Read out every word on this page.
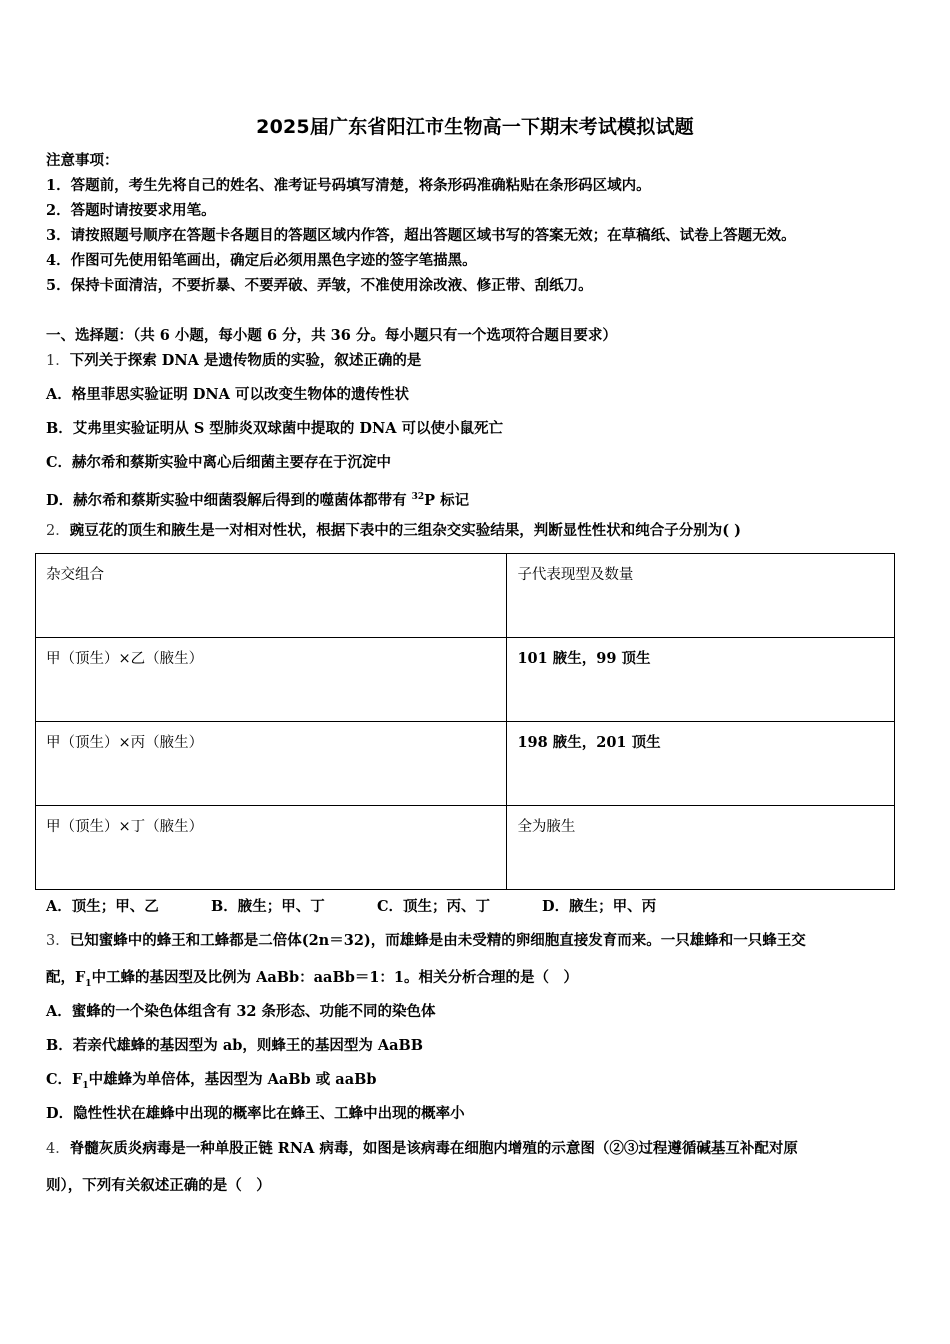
2025届广东省阳江市生物高一下期末考试模拟试题
注意事项：
1．答题前，考生先将自己的姓名、准考证号码填写清楚，将条形码准确粘贴在条形码区域内。
2．答题时请按要求用笔。
3．请按照题号顺序在答题卡各题目的答题区域内作答，超出答题区域书写的答案无效；在草稿纸、试卷上答题无效。
4．作图可先使用铅笔画出，确定后必须用黑色字迹的签字笔描黑。
5．保持卡面清洁，不要折暴、不要弄破、弄皱，不准使用涂改液、修正带、刮纸刀。
一、选择题：（共 6 小题，每小题 6 分，共 36 分。每小题只有一个选项符合题目要求）
1．下列关于探索 DNA 是遗传物质的实验，叙述正确的是
A．格里菲思实验证明 DNA 可以改变生物体的遗传性状
B．艾弗里实验证明从 S 型肺炎双球菌中提取的 DNA 可以使小鼠死亡
C．赫尔希和蔡斯实验中离心后细菌主要存在于沉淀中
D．赫尔希和蔡斯实验中细菌裂解后得到的噬菌体都带有 $^{32}$P 标记
2．豌豆花的顶生和腋生是一对相对性状，根据下表中的三组杂交实验结果，判断显性性状和纯合子分别为( )
杂交组合	子代表现型及数量
甲（顶生）×乙（腋生）	101 腋生，99 顶生
甲（顶生）×丙（腋生）	198 腋生，201 顶生
甲（顶生）×丁（腋生）	全为腋生
A．顶生；甲、乙	B．腋生；甲、丁	C．顶生；丙、丁	D．腋生；甲、丙
3．已知蜜蜂中的蜂王和工蜂都是二倍体(2n＝32)，而雄蜂是由未受精的卵细胞直接发育而来。一只雄蜂和一只蜂王交
配，$F_1$中工蜂的基因型及比例为 AaBb：aaBb＝1：1。相关分析合理的是（　）
A．蜜蜂的一个染色体组含有 32 条形态、功能不同的染色体
B．若亲代雄蜂的基因型为 ab，则蜂王的基因型为 AaBB
C．$F_1$中雄蜂为单倍体，基因型为 AaBb 或 aaBb
D．隐性性状在雄蜂中出现的概率比在蜂王、工蜂中出现的概率小
4．脊髓灰质炎病毒是一种单股正链 RNA 病毒，如图是该病毒在细胞内增殖的示意图（②③过程遵循碱基互补配对原
则），下列有关叙述正确的是（　）
